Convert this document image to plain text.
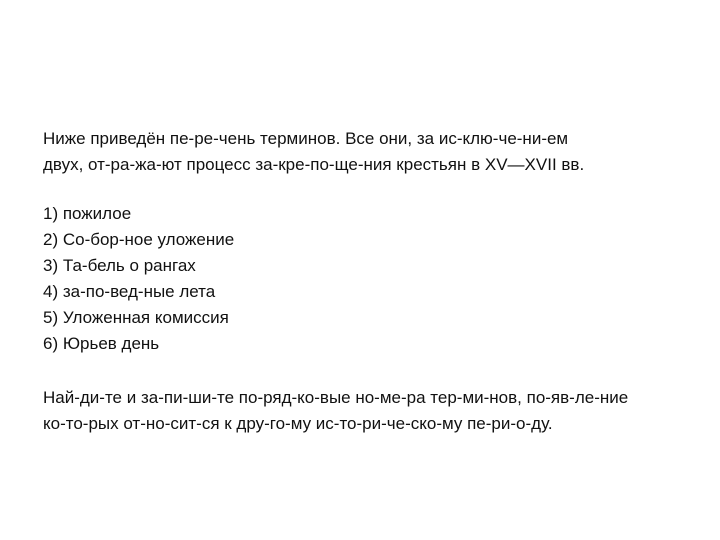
Ниже приведён пе-ре-чень терминов. Все они, за ис-клю-че-ни-ем

двух, от-ра-жа-ют процесс за-кре-по-ще-ния крестьян в XV—XVII вв.

1) пожилое
2) Со-бор-ное уложение
3) Та-бель о рангах
4) за-по-вед-ные лета
5) Уложенная комиссия
6) Юрьев день

Най-ди-те и за-пи-ши-те по-ряд-ко-вые но-ме-ра тер-ми-нов, по-яв-ле-ние

ко-то-рых от-но-сит-ся к дру-го-му ис-то-ри-че-ско-му пе-ри-о-ду.
